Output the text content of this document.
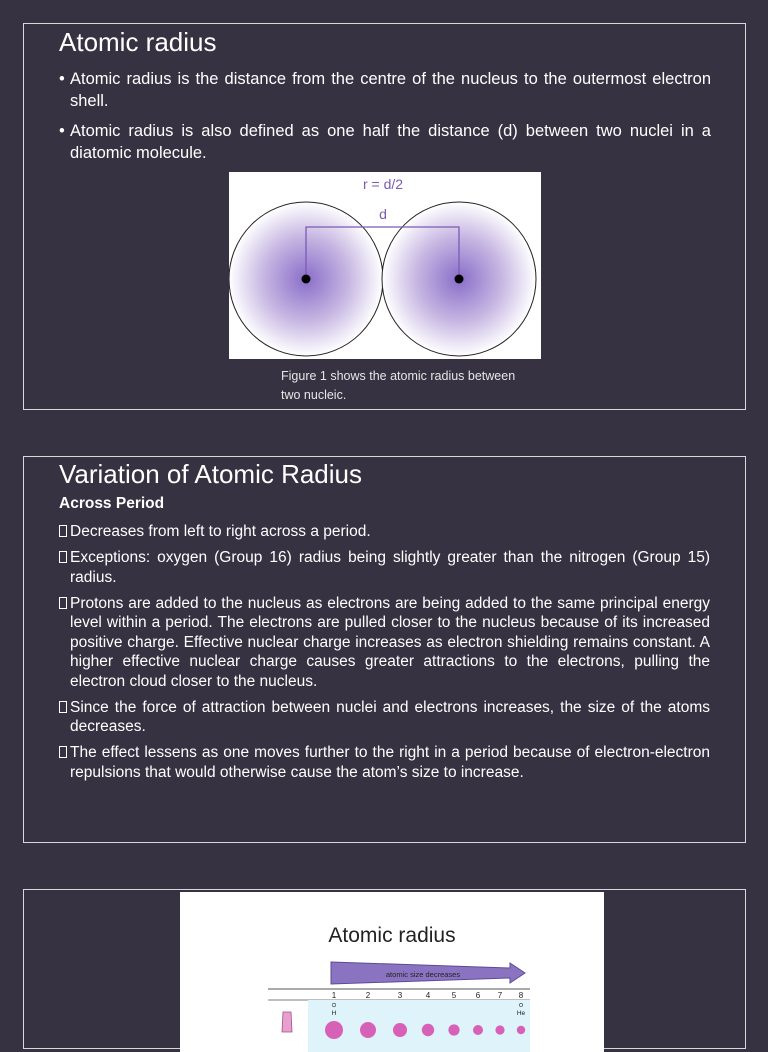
Atomic radius
• Atomic radius is the distance from the centre of the nucleus to the outermost electron shell.
• Atomic radius is also defined as one half the distance (d) between two nuclei in a diatomic molecule.
r = d/2
d
Figure 1 shows the atomic radius between two nucleic.
Variation of Atomic Radius
Across Period
Decreases from left to right across a period.
Exceptions: oxygen (Group 16) radius being slightly greater than the nitrogen (Group 15) radius.
Protons are added to the nucleus as electrons are being added to the same principal energy level within a period. The electrons are pulled closer to the nucleus because of its increased positive charge. Effective nuclear charge increases as electron shielding remains constant. A higher effective nuclear charge causes greater attractions to the electrons, pulling the electron cloud closer to the nucleus.
Since the force of attraction between nuclei and electrons increases, the size of the atoms decreases.
The effect lessens as one moves further to the right in a period because of electron-electron repulsions that would otherwise cause the atom’s size to increase.
Atomic radius
atomic size decreases
1	2	3	4	5 6 7 8
H	He
